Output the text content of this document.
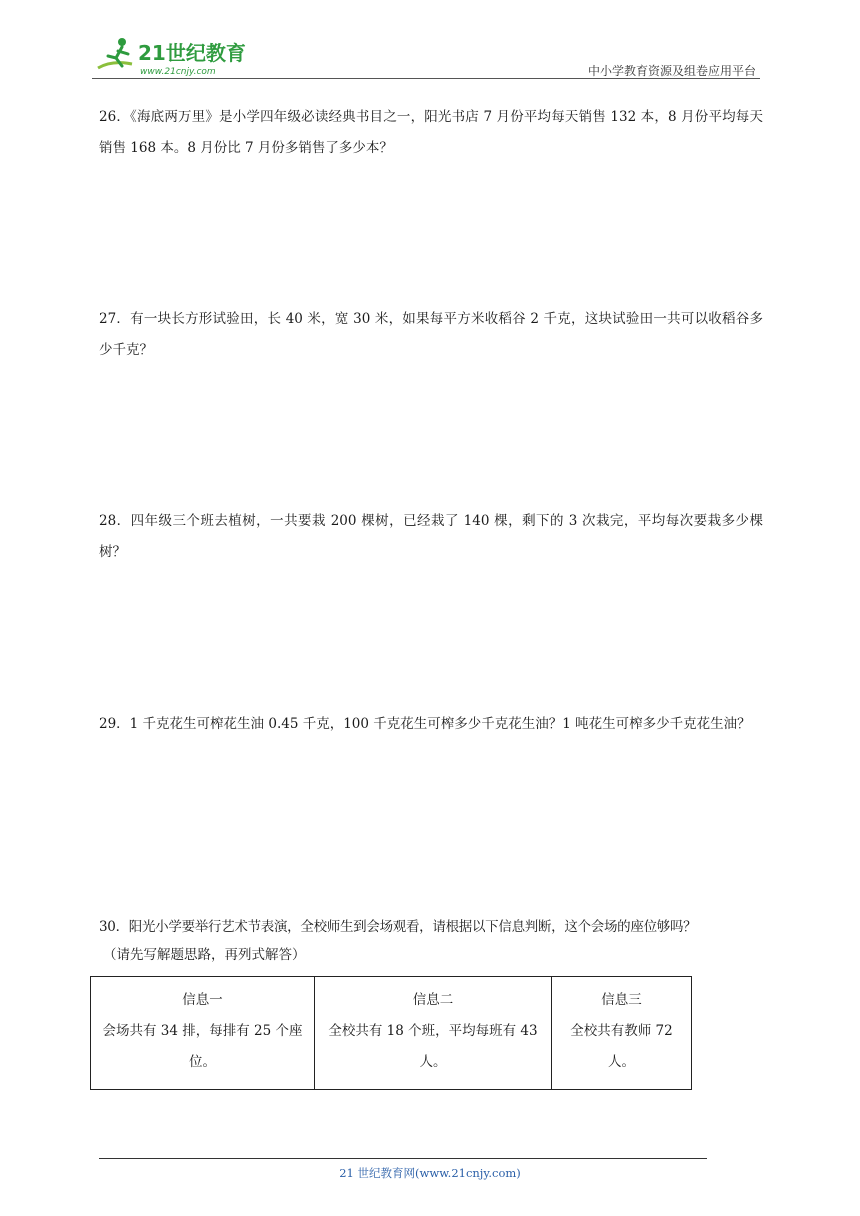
21世纪教育
www.21cnjy.com	中小学教育资源及组卷应用平台

26．《海底两万里》是小学四年级必读经典书目之一，阳光书店 7 月份平均每天销售 132 本，8 月份平均每天销售 168 本。8 月份比 7 月份多销售了多少本？

27．有一块长方形试验田，长 40 米，宽 30 米，如果每平方米收稻谷 2 千克，这块试验田一共可以收稻谷多少千克？

28．四年级三个班去植树，一共要栽 200 棵树，已经栽了 140 棵，剩下的 3 次栽完，平均每次要栽多少棵树？

29．1 千克花生可榨花生油 0.45 千克，100 千克花生可榨多少千克花生油？1 吨花生可榨多少千克花生油？

30．阳光小学要举行艺术节表演，全校师生到会场观看，请根据以下信息判断，这个会场的座位够吗？

（请先写解题思路，再列式解答）

信息一
会场共有 34 排，每排有 25 个座位。

信息二
全校共有 18 个班，平均每班有 43 人。

信息三
全校共有教师 72 人。
21 世纪教育网(www.21cnjy.com)
